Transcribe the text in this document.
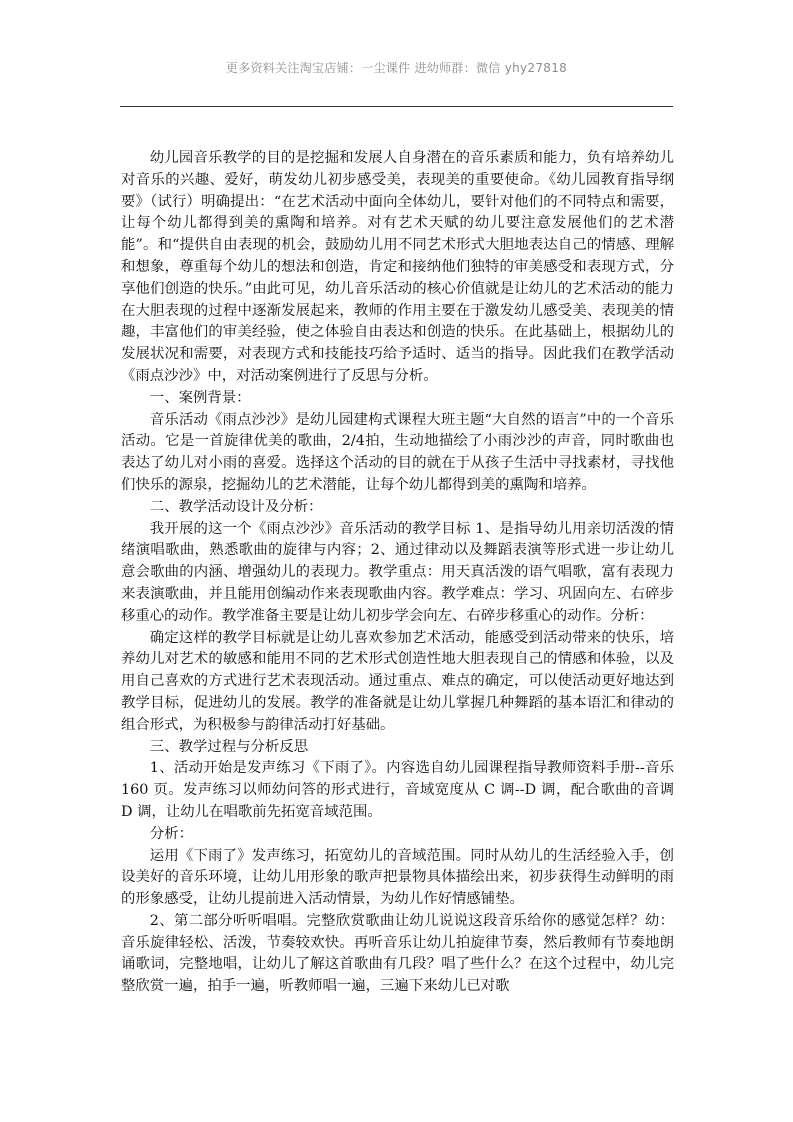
更多资料关注淘宝店铺：一尘课件 进幼师群：微信 yhy27818

幼儿园音乐教学的目的是挖掘和发展人自身潜在的音乐素质和能力，负有培养幼儿对音乐的兴趣、爱好，萌发幼儿初步感受美，表现美的重要使命。《幼儿园教育指导纲要》（试行）明确提出：“在艺术活动中面向全体幼儿，要针对他们的不同特点和需要，让每个幼儿都得到美的熏陶和培养。对有艺术天赋的幼儿要注意发展他们的艺术潜能”。和“提供自由表现的机会，鼓励幼儿用不同艺术形式大胆地表达自己的情感、理解和想象，尊重每个幼儿的想法和创造，肯定和接纳他们独特的审美感受和表现方式，分享他们创造的快乐。”由此可见，幼儿音乐活动的核心价值就是让幼儿的艺术活动的能力在大胆表现的过程中逐渐发展起来，教师的作用主要在于激发幼儿感受美、表现美的情趣，丰富他们的审美经验，使之体验自由表达和创造的快乐。在此基础上，根据幼儿的发展状况和需要，对表现方式和技能技巧给予适时、适当的指导。因此我们在教学活动《雨点沙沙》中，对活动案例进行了反思与分析。

一、案例背景：

音乐活动《雨点沙沙》是幼儿园建构式课程大班主题“大自然的语言”中的一个音乐活动。它是一首旋律优美的歌曲，2/4拍，生动地描绘了小雨沙沙的声音，同时歌曲也表达了幼儿对小雨的喜爱。选择这个活动的目的就在于从孩子生活中寻找素材，寻找他们快乐的源泉，挖掘幼儿的艺术潜能，让每个幼儿都得到美的熏陶和培养。

二、教学活动设计及分析：

我开展的这一个《雨点沙沙》音乐活动的教学目标 1、是指导幼儿用亲切活泼的情绪演唱歌曲，熟悉歌曲的旋律与内容；2、通过律动以及舞蹈表演等形式进一步让幼儿意会歌曲的内涵、增强幼儿的表现力。教学重点：用天真活泼的语气唱歌，富有表现力来表演歌曲，并且能用创编动作来表现歌曲内容。教学难点：学习、巩固向左、右碎步移重心的动作。教学准备主要是让幼儿初步学会向左、右碎步移重心的动作。分析：

确定这样的教学目标就是让幼儿喜欢参加艺术活动，能感受到活动带来的快乐，培养幼儿对艺术的敏感和能用不同的艺术形式创造性地大胆表现自己的情感和体验，以及用自己喜欢的方式进行艺术表现活动。通过重点、难点的确定，可以使活动更好地达到教学目标，促进幼儿的发展。教学的准备就是让幼儿掌握几种舞蹈的基本语汇和律动的组合形式，为积极参与韵律活动打好基础。

三、教学过程与分析反思

1、活动开始是发声练习《下雨了》。内容选自幼儿园课程指导教师资料手册--音乐 160 页。发声练习以师幼问答的形式进行，音域宽度从 C 调--D 调，配合歌曲的音调 D 调，让幼儿在唱歌前先拓宽音域范围。

分析：

运用《下雨了》发声练习，拓宽幼儿的音域范围。同时从幼儿的生活经验入手，创设美好的音乐环境，让幼儿用形象的歌声把景物具体描绘出来，初步获得生动鲜明的雨的形象感受，让幼儿提前进入活动情景，为幼儿作好情感铺垫。

2、第二部分听听唱唱。完整欣赏歌曲让幼儿说说这段音乐给你的感觉怎样？幼：音乐旋律轻松、活泼，节奏较欢快。再听音乐让幼儿拍旋律节奏，然后教师有节奏地朗诵歌词，完整地唱，让幼儿了解这首歌曲有几段？唱了些什么？在这个过程中，幼儿完整欣赏一遍，拍手一遍，听教师唱一遍，三遍下来幼儿已对歌
